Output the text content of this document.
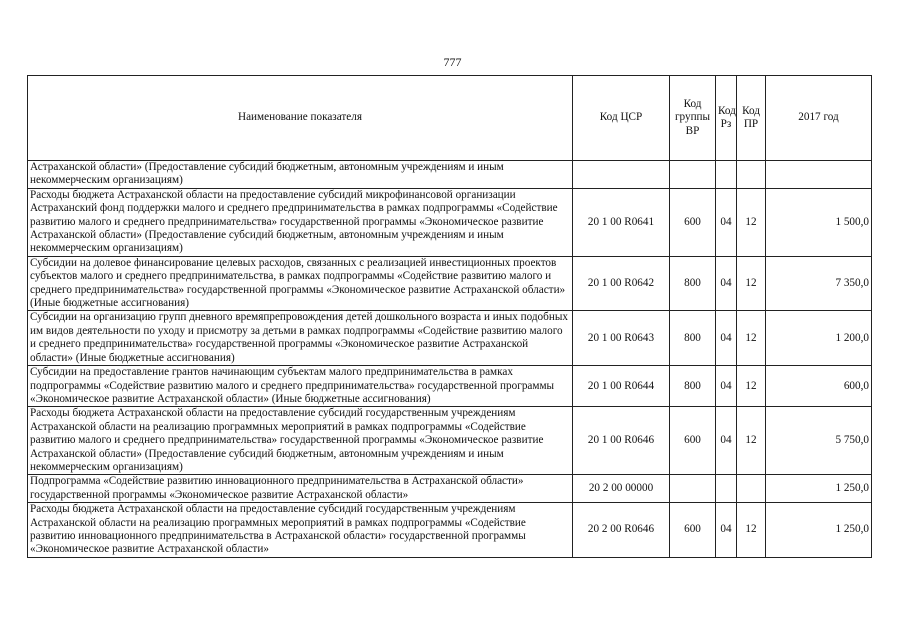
777
Наименование показателя	Код ЦСР	Код группы ВР	Код Рз	Код ПР	2017 год
Астраханской области» (Предоставление субсидий бюджетным, автономным учреждениям и иным некоммерческим организациям)					
Расходы бюджета Астраханской области на предоставление субсидий микрофинансовой организации Астраханский фонд поддержки малого и среднего предпринимательства в рамках подпрограммы «Содействие развитию малого и среднего предпринимательства» государственной программы «Экономическое развитие Астраханской области» (Предоставление субсидий бюджетным, автономным учреждениям и иным некоммерческим организациям)	20 1 00 R0641	600	04	12	1 500,0
Субсидии на долевое финансирование целевых расходов, связанных с реализацией инвестиционных проектов субъектов малого и среднего предпринимательства, в рамках подпрограммы «Содействие развитию малого и среднего предпринимательства» государственной программы «Экономическое развитие Астраханской области» (Иные бюджетные ассигнования)	20 1 00 R0642	800	04	12	7 350,0
Субсидии на организацию групп дневного времяпрепровождения детей дошкольного возраста и иных подобных им видов деятельности по уходу и присмотру за детьми в рамках подпрограммы «Содействие развитию малого и среднего предпринимательства» государственной программы «Экономическое развитие Астраханской области» (Иные бюджетные ассигнования)	20 1 00 R0643	800	04	12	1 200,0
Субсидии на предоставление грантов начинающим субъектам малого предпринимательства в рамках подпрограммы «Содействие развитию малого и среднего предпринимательства» государственной программы «Экономическое развитие Астраханской области» (Иные бюджетные ассигнования)	20 1 00 R0644	800	04	12	600,0
Расходы бюджета Астраханской области на предоставление субсидий государственным учреждениям Астраханской области на реализацию программных мероприятий в рамках подпрограммы «Содействие развитию малого и среднего предпринимательства» государственной программы «Экономическое развитие Астраханской области» (Предоставление субсидий бюджетным, автономным учреждениям и иным некоммерческим организациям)	20 1 00 R0646	600	04	12	5 750,0
Подпрограмма «Содействие развитию инновационного предпринимательства в Астраханской области» государственной программы «Экономическое развитие Астраханской области»	20 2 00 00000				1 250,0
Расходы бюджета Астраханской области на предоставление субсидий государственным учреждениям Астраханской области на реализацию программных мероприятий в рамках подпрограммы «Содействие развитию инновационного предпринимательства в Астраханской области» государственной программы «Экономическое развитие Астраханской области»	20 2 00 R0646	600	04	12	1 250,0
